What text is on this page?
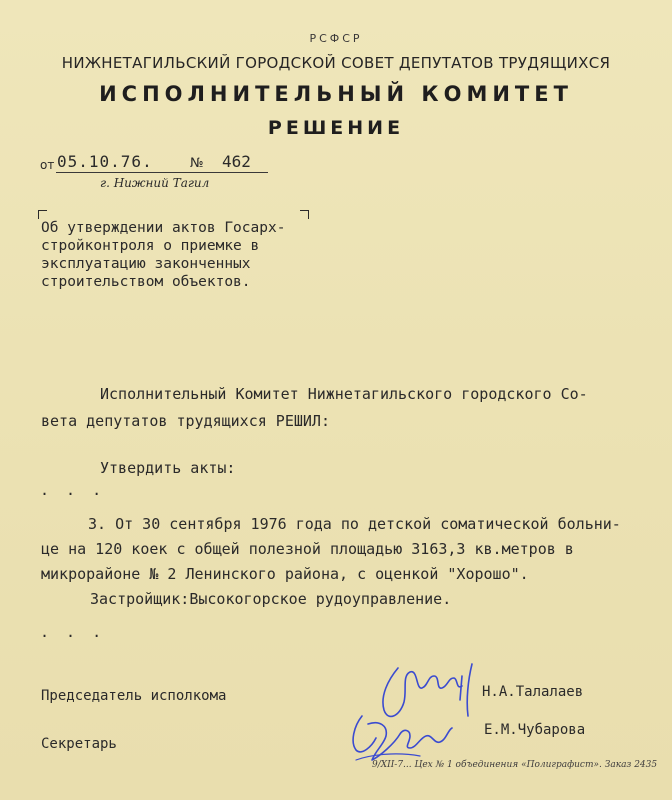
РСФСР
НИЖНЕТАГИЛЬСКИЙ ГОРОДСКОЙ СОВЕТ ДЕПУТАТОВ ТРУДЯЩИХСЯ
ИСПОЛНИТЕЛЬНЫЙ КОМИТЕТ
РЕШЕНИЕ
от 05.10.76.	№ 462
г. Нижний Тагил
Об утверждении актов Госарх-
стройконтроля о приемке в
эксплуатацию законченных
строительством объектов.
Исполнительный Комитет Нижнетагильского городского Со-
вета депутатов трудящихся РЕШИЛ:
Утвердить акты:
. . .
3. От 30 сентября 1976 года по детской соматической больни-
це на 120 коек с общей полезной площадью 3163,3 кв.метров в
микрорайоне № 2 Ленинского района, с оценкой "Хорошо".
Застройщик:Высокогорское рудоуправление.
. . .
Председатель исполкома	Н.А.Талалаев
Секретарь
Е.М.Чубарова
9/XII-7... Цех № 1 объединения «Полиграфист». Заказ 2435
